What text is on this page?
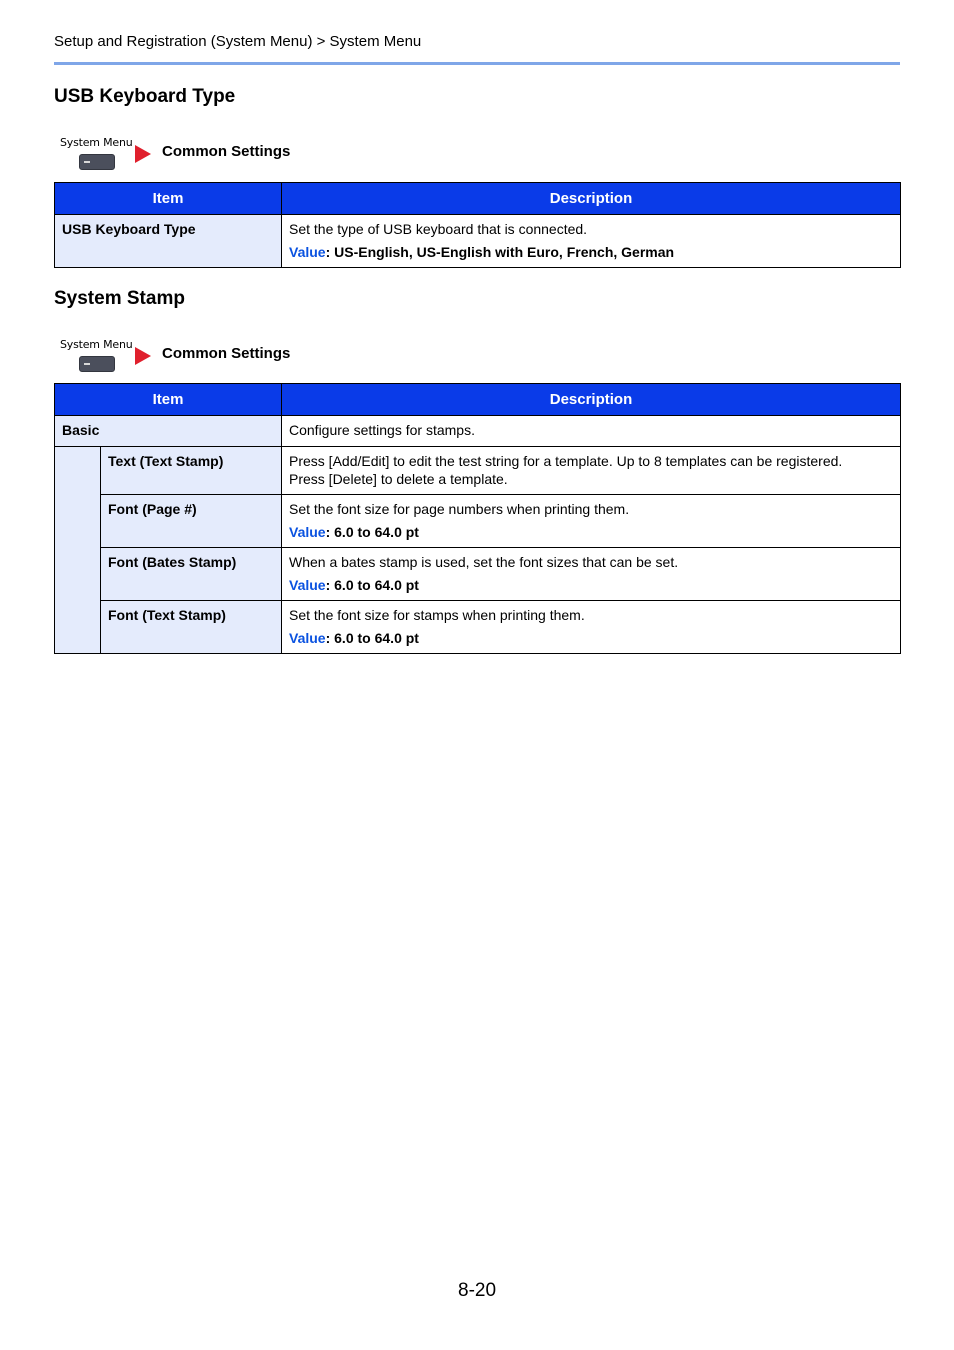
Setup and Registration (System Menu) > System Menu
USB Keyboard Type
System Menu
Common Settings
Item	Description
USB Keyboard Type	Set the type of USB keyboard that is connected.
Value: US-English, US-English with Euro, French, German
System Stamp
System Menu
Common Settings
Item		Description
Basic		Configure settings for stamps.
	Text (Text Stamp)	Press [Add/Edit] to edit the test string for a template. Up to 8 templates can be registered.
Press [Delete] to delete a template.

	Font (Page #)	Set the font size for page numbers when printing them.
Value: 6.0 to 64.0 pt

	Font (Bates Stamp)	When a bates stamp is used, set the font sizes that can be set.
Value: 6.0 to 64.0 pt

	Font (Text Stamp)	Set the font size for stamps when printing them.
Value: 6.0 to 64.0 pt
8-20
